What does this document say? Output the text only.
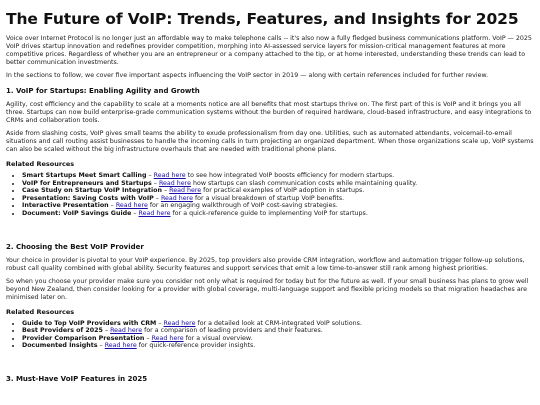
The Future of VoIP: Trends, Features, and Insights for 2025

Voice over Internet Protocol is no longer just an affordable way to make telephone calls -- it's also now a fully fledged business communications platform. VoIP — 2025 VoIP drives startup innovation and redefines provider competition, morphing into AI-assessed service layers for mission-critical management features at more competitive prices. Regardless of whether you are an entrepreneur or a company attached to the tip, or at home interested, understanding these trends can lead to better communication investments.

In the sections to follow, we cover five important aspects influencing the VoIP sector in 2019 — along with certain references included for further review.

1. VoIP for Startups: Enabling Agility and Growth

Agility, cost efficiency and the capability to scale at a moments notice are all benefits that most startups thrive on. The first part of this is VoIP and it brings you all three. Startups can now build enterprise-grade communication systems without the burden of required hardware, cloud-based infrastructure, and easy integrations to CRMs and collaboration tools.

Aside from slashing costs, VoIP gives small teams the ability to exude professionalism from day one. Utilities, such as automated attendants, voicemail-to-email situations and call routing assist businesses to handle the incoming calls in turn projecting an organized department. When those organizations scale up, VoIP systems can also be scaled without the big infrastructure overhauls that are needed with traditional phone plans.

Related Resources
• Smart Startups Meet Smart Calling – Read here to see how integrated VoIP boosts efficiency for modern startups.
• VoIP for Entrepreneurs and Startups – Read here how startups can slash communication costs while maintaining quality.
• Case Study on Startup VoIP Integration – Read here for practical examples of VoIP adoption in startups.
• Presentation: Saving Costs with VoIP – Read here for a visual breakdown of startup VoIP benefits.
• Interactive Presentation – Read here for an engaging walkthrough of VoIP cost-saving strategies.
• Document: VoIP Savings Guide – Read here for a quick-reference guide to implementing VoIP for startups.
2. Choosing the Best VoIP Provider

Your choice in provider is pivotal to your VoIP experience. By 2025, top providers also provide CRM integration, workflow and automation trigger follow-up solutions, robust call quality combined with global ability. Security features and support services that emit a low time-to-answer still rank among highest priorities.

So when you choose your provider make sure you consider not only what is required for today but for the future as well. If your small business has plans to grow well beyond New Zealand, then consider looking for a provider with global coverage, multi-language support and flexible pricing models so that migration headaches are minimised later on.

Related Resources
• Guide to Top VoIP Providers with CRM – Read here for a detailed look at CRM-integrated VoIP solutions.
• Best Providers of 2025 – Read here for a comparison of leading providers and their features.
• Provider Comparison Presentation – Read here for a visual overview.
• Documented Insights – Read here for quick-reference provider insights.
3. Must-Have VoIP Features in 2025
